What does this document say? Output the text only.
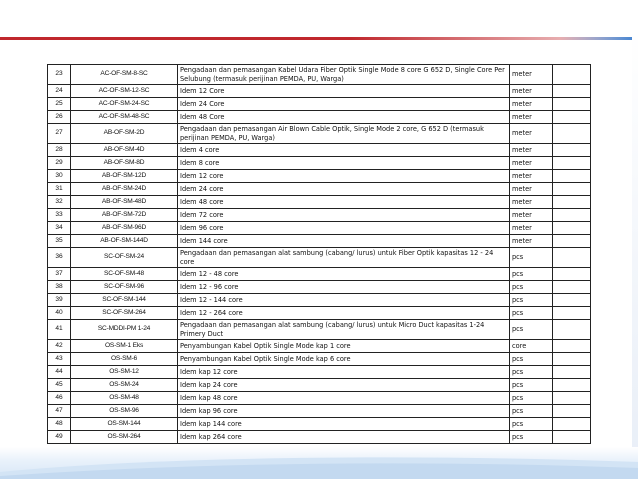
23	AC-OF-SM-8-SC	Pengadaan dan pemasangan Kabel Udara Fiber Optik Single Mode 8 core G 652 D, Single Core Per Selubung (termasuk perijinan PEMDA, PU, Warga)	meter	
24	AC-OF-SM-12-SC	Idem 12 Core	meter	
25	AC-OF-SM-24-SC	Idem 24 Core	meter	
26	AC-OF-SM-48-SC	Idem 48 Core	meter	
27	AB-OF-SM-2D	Pengadaan dan pemasangan Air Blown Cable Optik, Single Mode 2 core, G 652 D (termasuk perijinan PEMDA, PU, Warga)	meter	
28	AB-OF-SM-4D	Idem 4 core	meter	
29	AB-OF-SM-8D	Idem 8 core	meter	
30	AB-OF-SM-12D	Idem 12 core	meter	
31	AB-OF-SM-24D	Idem 24 core	meter	
32	AB-OF-SM-48D	Idem 48 core	meter	
33	AB-OF-SM-72D	Idem 72 core	meter	
34	AB-OF-SM-96D	Idem 96 core	meter	
35	AB-OF-SM-144D	Idem 144 core	meter	
36	SC-OF-SM-24	Pengadaan dan pemasangan alat sambung (cabang/ lurus) untuk Fiber Optik kapasitas 12 - 24 core	pcs	
37	SC-OF-SM-48	Idem 12 - 48 core	pcs	
38	SC-OF-SM-96	Idem 12 - 96 core	pcs	
39	SC-OF-SM-144	Idem 12 - 144 core	pcs	
40	SC-OF-SM-264	Idem 12 - 264 core	pcs	
41	SC-MDDI-PM 1-24	Pengadaan dan pemasangan alat sambung (cabang/ lurus) untuk Micro Duct kapasitas 1-24 Primery Duct	pcs	
42	OS-SM-1 Eks	Penyambungan Kabel Optik Single Mode kap 1 core	core	
43	OS-SM-6	Penyambungan Kabel Optik Single Mode kap 6 core	pcs	
44	OS-SM-12	Idem kap 12 core	pcs	
45	OS-SM-24	Idem kap 24 core	pcs	
46	OS-SM-48	Idem kap 48 core	pcs	
47	OS-SM-96	Idem kap 96 core	pcs	
48	OS-SM-144	Idem kap 144 core	pcs	
49	OS-SM-264	Idem kap 264 core	pcs	
